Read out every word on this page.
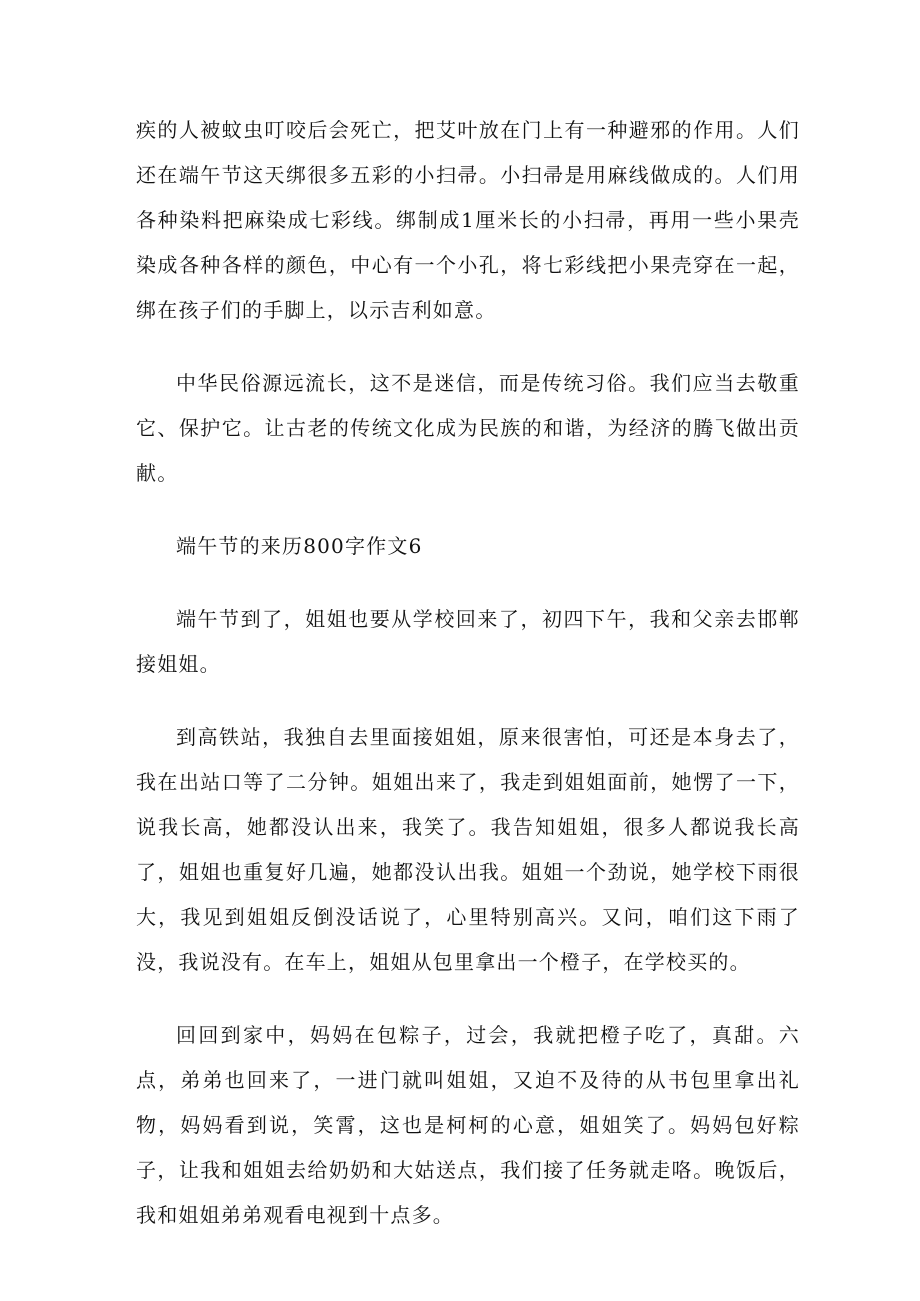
疾的人被蚊虫叮咬后会死亡，把艾叶放在门上有一种避邪的作用。人们还在端午节这天绑很多五彩的小扫帚。小扫帚是用麻线做成的。人们用各种染料把麻染成七彩线。绑制成1厘米长的小扫帚，再用一些小果壳染成各种各样的颜色，中心有一个小孔，将七彩线把小果壳穿在一起，绑在孩子们的手脚上，以示吉利如意。

中华民俗源远流长，这不是迷信，而是传统习俗。我们应当去敬重它、保护它。让古老的传统文化成为民族的和谐，为经济的腾飞做出贡献。

端午节的来历800字作文6

端午节到了，姐姐也要从学校回来了，初四下午，我和父亲去邯郸接姐姐。

到高铁站，我独自去里面接姐姐，原来很害怕，可还是本身去了，我在出站口等了二分钟。姐姐出来了，我走到姐姐面前，她愣了一下，说我长高，她都没认出来，我笑了。我告知姐姐，很多人都说我长高了，姐姐也重复好几遍，她都没认出我。姐姐一个劲说，她学校下雨很大，我见到姐姐反倒没话说了，心里特别高兴。又问，咱们这下雨了没，我说没有。在车上，姐姐从包里拿出一个橙子，在学校买的。

回回到家中，妈妈在包粽子，过会，我就把橙子吃了，真甜。六点，弟弟也回来了，一进门就叫姐姐，又迫不及待的从书包里拿出礼物，妈妈看到说，笑霄，这也是柯柯的心意，姐姐笑了。妈妈包好粽子，让我和姐姐去给奶奶和大姑送点，我们接了任务就走咯。晚饭后，我和姐姐弟弟观看电视到十点多。
